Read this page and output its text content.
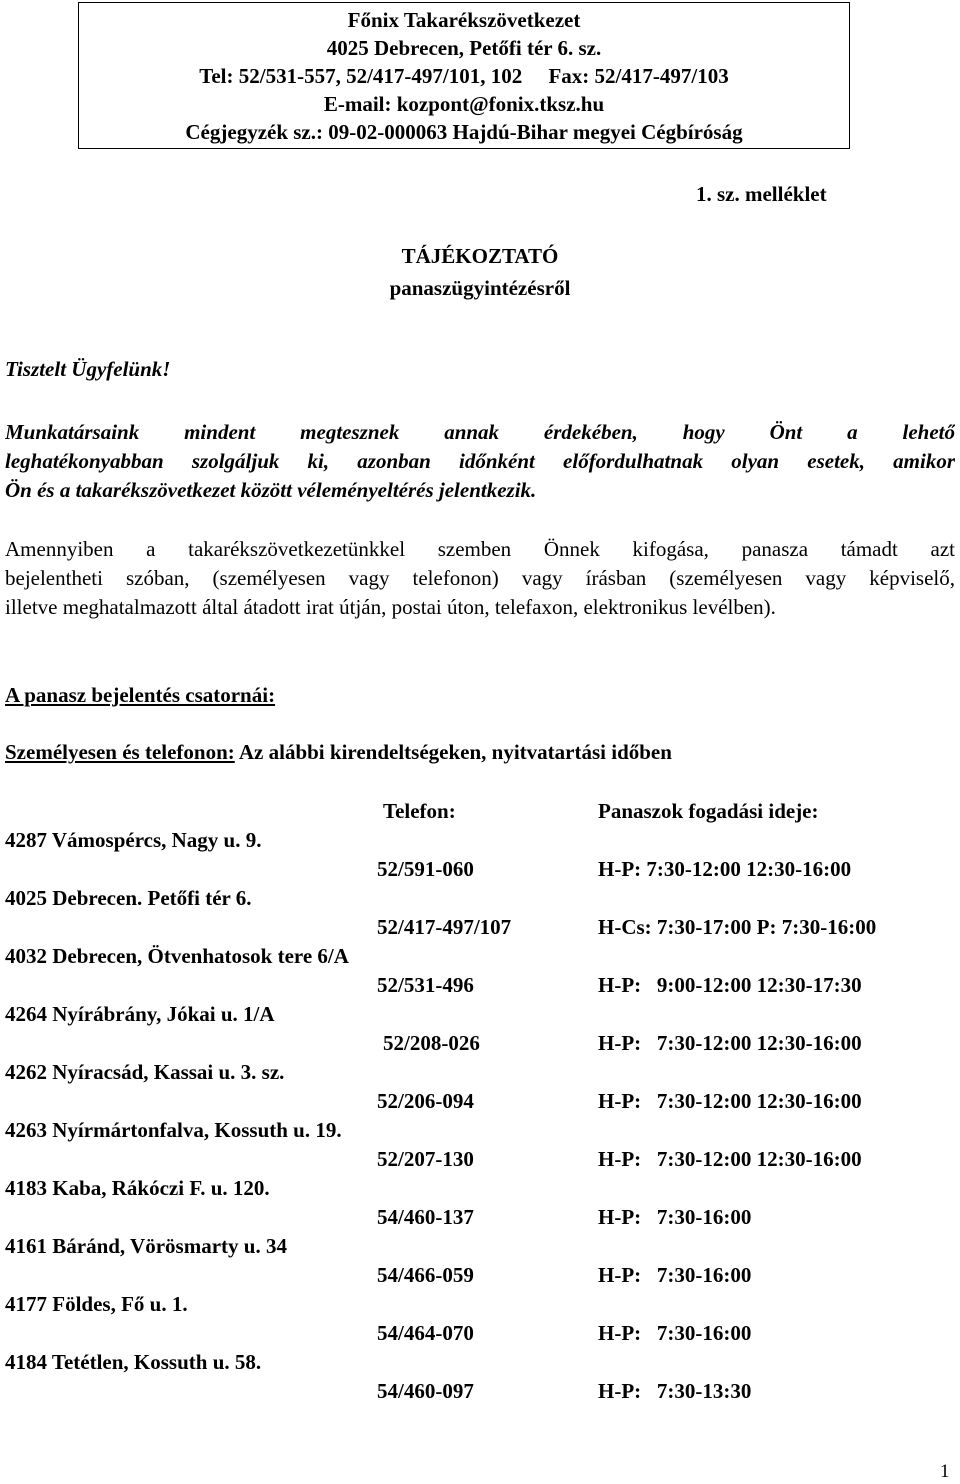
Főnix Takarékszövetkezet
4025 Debrecen, Petőfi tér 6. sz.
Tel: 52/531-557, 52/417-497/101, 102     Fax: 52/417-497/103
E-mail: kozpont@fonix.tksz.hu
Cégjegyzék sz.: 09-02-000063 Hajdú-Bihar megyei Cégbíróság
1. sz. melléklet
TÁJÉKOZTATÓ
panaszügyintézésről
Tisztelt Ügyfelünk!
Munkatársaink mindent megtesznek annak érdekében, hogy Önt a lehető
leghatékonyabban szolgáljuk ki, azonban időnként előfordulhatnak olyan esetek, amikor
Ön és a takarékszövetkezet között véleményeltérés jelentkezik.
Amennyiben a takarékszövetkezetünkkel szemben Önnek kifogása, panasza támadt azt
bejelentheti szóban, (személyesen vagy telefonon) vagy írásban (személyesen vagy képviselő,
illetve meghatalmazott által átadott irat útján, postai úton, telefaxon, elektronikus levélben).
A panasz bejelentés csatornái:
Személyesen és telefonon: Az alábbi kirendeltségeken, nyitvatartási időben
Telefon:	Panaszok fogadási ideje:
4287 Vámospércs, Nagy u. 9.
52/591-060	H-P: 7:30-12:00 12:30-16:00
4025 Debrecen. Petőfi tér 6.
52/417-497/107	H-Cs: 7:30-17:00 P: 7:30-16:00
4032 Debrecen, Ötvenhatosok tere 6/A
52/531-496	H-P:   9:00-12:00 12:30-17:30
4264 Nyírábrány, Jókai u. 1/A
52/208-026	H-P:   7:30-12:00 12:30-16:00
4262 Nyíracsád, Kassai u. 3. sz.
52/206-094	H-P:   7:30-12:00 12:30-16:00
4263 Nyírmártonfalva, Kossuth u. 19.
52/207-130	H-P:   7:30-12:00 12:30-16:00
4183 Kaba, Rákóczi F. u. 120.
54/460-137	H-P:   7:30-16:00
4161 Báránd, Vörösmarty u. 34
54/466-059	H-P:   7:30-16:00
4177 Földes, Fő u. 1.
54/464-070	H-P:   7:30-16:00
4184 Tetétlen, Kossuth u. 58.
54/460-097	H-P:   7:30-13:30
1
